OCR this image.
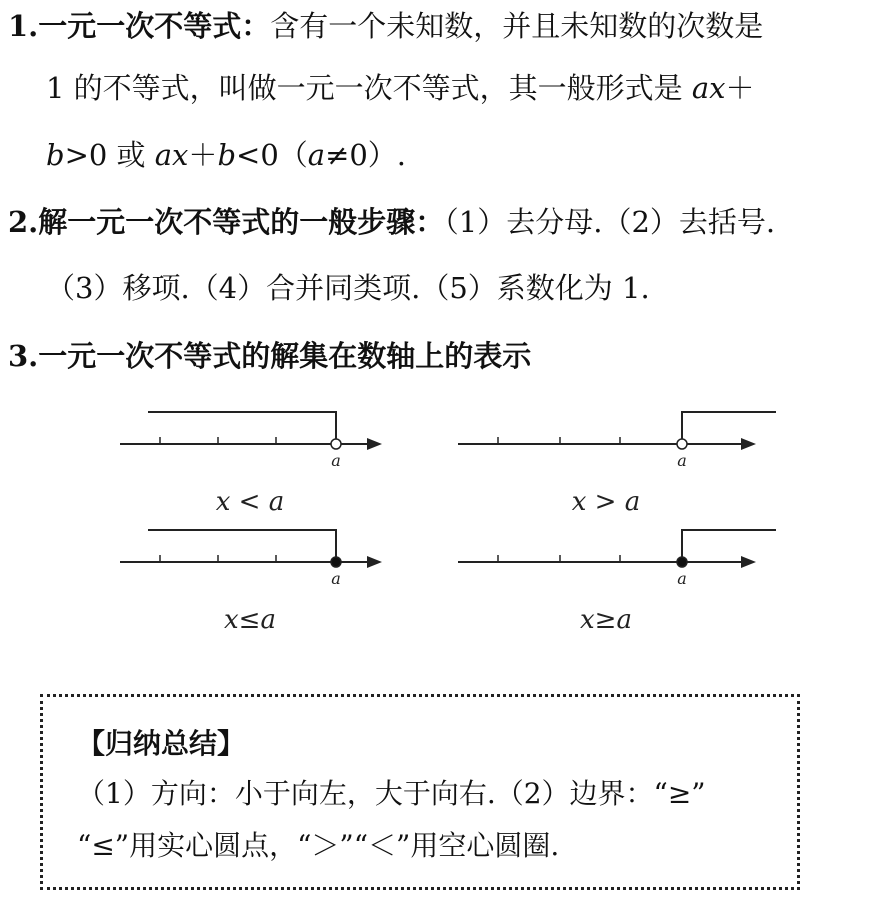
1.一元一次不等式：含有一个未知数，并且未知数的次数是
1 的不等式，叫做一元一次不等式，其一般形式是 ax＋
b>0 或 ax＋b<0（a≠0）.
2.解一元一次不等式的一般步骤：（1）去分母.（2）去括号.
（3）移项.（4）合并同类项.（5）系数化为 1.
3.一元一次不等式的解集在数轴上的表示
a
x < a
a
x > a
a
x≤a
a
x≥a
【归纳总结】
（1）方向：小于向左，大于向右.（2）边界：“≥”
“≤”用实心圆点，“＞”“＜”用空心圆圈.
